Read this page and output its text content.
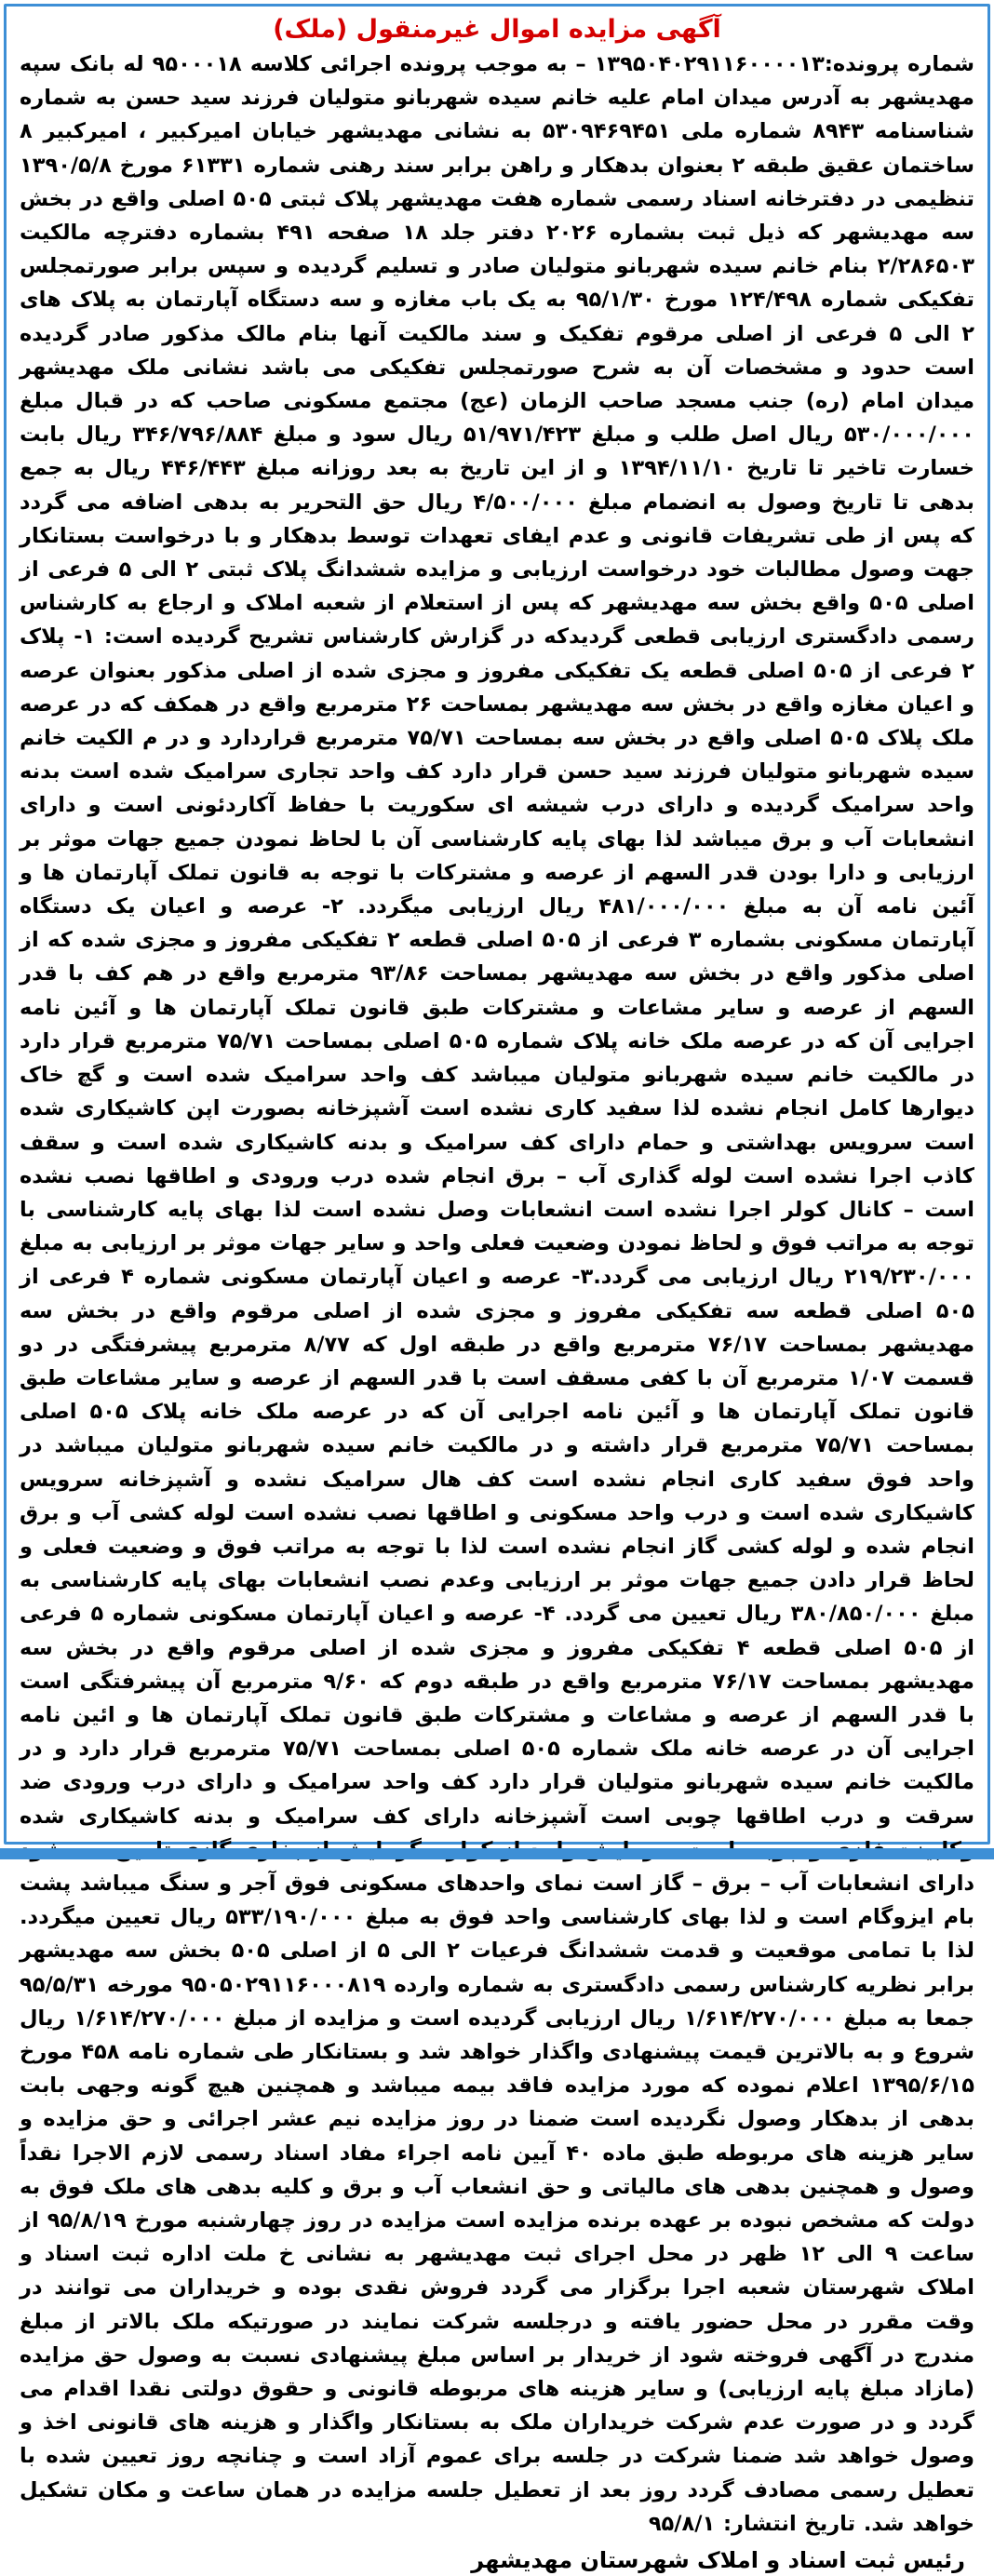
آگهی مزایده اموال غیرمنقول (ملک)

شماره پرونده:۱۳۹۵۰۴۰۲۹۱۱۶۰۰۰۰۱۳ – به موجب پرونده اجرائی کلاسه ۹۵۰۰۰۱۸ له بانک سپه مهدیشهر به آدرس میدان امام علیه خانم سیده شهربانو متولیان فرزند سید حسن به شماره شناسنامه ۸۹۴۳ شماره ملی ۵۳۰۹۴۶۹۴۵۱ به نشانی مهدیشهر خیابان امیرکبیر ، امیرکبیر ۸ ساختمان عقیق طبقه ۲ بعنوان بدهکار و راهن برابر سند رهنی شماره ۶۱۳۳۱ مورخ ۱۳۹۰/۵/۸ تنظیمی در دفترخانه اسناد رسمی شماره هفت مهدیشهر پلاک ثبتی ۵۰۵ اصلی واقع در بخش سه مهدیشهر که ذیل ثبت بشماره ۲۰۲۶ دفتر جلد ۱۸ صفحه ۴۹۱ بشماره دفترچه مالکیت ۲/۲۸۶۵۰۳ بنام خانم سیده شهربانو متولیان صادر و تسلیم گردیده و سپس برابر صورتمجلس تفکیکی شماره ۱۲۴/۴۹۸ مورخ ۹۵/۱/۳۰ به یک باب مغازه و سه دستگاه آپارتمان به پلاک های ۲ الی ۵ فرعی از اصلی مرقوم تفکیک و سند مالکیت آنها بنام مالک مذکور صادر گردیده است حدود و مشخصات آن به شرح صورتمجلس تفکیکی می باشد نشانی ملک مهدیشهر میدان امام (ره) جنب مسجد صاحب الزمان (عج) مجتمع مسکونی صاحب که در قبال مبلغ ۵۳۰/۰۰۰/۰۰۰ ریال اصل طلب و مبلغ ۵۱/۹۷۱/۴۲۳ ریال سود و مبلغ ۳۴۶/۷۹۶/۸۸۴ ریال بابت خسارت تاخیر تا تاریخ ۱۳۹۴/۱۱/۱۰ و از این تاریخ به بعد روزانه مبلغ ۴۴۶/۴۴۳ ریال به جمع بدهی تا تاریخ وصول به انضمام مبلغ ۴/۵۰۰/۰۰۰ ریال حق التحریر به بدهی اضافه می گردد که پس از طی تشریفات قانونی و عدم ایفای تعهدات توسط بدهکار و با درخواست بستانکار جهت وصول مطالبات خود درخواست ارزیابی و مزایده ششدانگ پلاک ثبتی ۲ الی ۵ فرعی از اصلی ۵۰۵ واقع بخش سه مهدیشهر که پس از استعلام از شعبه املاک و ارجاع به کارشناس رسمی دادگستری ارزیابی قطعی گردیدکه در گزارش کارشناس تشریح گردیده است: ۱- پلاک ۲ فرعی از ۵۰۵ اصلی قطعه یک تفکیکی مفروز و مجزی شده از اصلی مذکور بعنوان عرصه و اعیان مغازه واقع در بخش سه مهدیشهر بمساحت ۲۶ مترمربع واقع در همکف که در عرصه ملک پلاک ۵۰۵ اصلی واقع در بخش سه بمساحت ۷۵/۷۱ مترمربع قراردارد و در م الکیت خانم سیده شهربانو متولیان فرزند سید حسن قرار دارد کف واحد تجاری سرامیک شده است بدنه واحد سرامیک گردیده و دارای درب شیشه ای سکوریت با حفاظ آکاردئونی است و دارای انشعابات آب و برق میباشد لذا بهای پایه کارشناسی آن با لحاظ نمودن جمیع جهات موثر بر ارزیابی و دارا بودن قدر السهم از عرصه و مشترکات با توجه به قانون تملک آپارتمان ها و آئین نامه آن به مبلغ ۴۸۱/۰۰۰/۰۰۰ ریال ارزیابی میگردد. ۲- عرصه و اعیان یک دستگاه آپارتمان مسکونی بشماره ۳ فرعی از ۵۰۵ اصلی قطعه ۲ تفکیکی مفروز و مجزی شده که از اصلی مذکور واقع در بخش سه مهدیشهر بمساحت ۹۳/۸۶ مترمربع واقع در هم کف با قدر السهم از عرصه و سایر مشاعات و مشترکات طبق قانون تملک آپارتمان ها و آئین نامه اجرایی آن که در عرصه ملک خانه پلاک شماره ۵۰۵ اصلی بمساحت ۷۵/۷۱ مترمربع قرار دارد در مالکیت خانم سیده شهربانو متولیان میباشد کف واحد سرامیک شده است و گچ خاک دیوارها کامل انجام نشده لذا سفید کاری نشده است آشپزخانه بصورت اپن کاشیکاری شده است سرویس بهداشتی و حمام دارای کف سرامیک و بدنه کاشیکاری شده است و سقف کاذب اجرا نشده است لوله گذاری آب – برق انجام شده درب ورودی و اطاقها نصب نشده است – کانال کولر اجرا نشده است انشعابات وصل نشده است لذا بهای پایه کارشناسی با توجه به مراتب فوق و لحاظ نمودن وضعیت فعلی واحد و سایر جهات موثر بر ارزیابی به مبلغ ۲۱۹/۲۳۰/۰۰۰ ریال ارزیابی می گردد.۳- عرصه و اعیان آپارتمان مسکونی شماره ۴ فرعی از ۵۰۵ اصلی قطعه سه تفکیکی مفروز و مجزی شده از اصلی مرقوم واقع در بخش سه مهدیشهر بمساحت ۷۶/۱۷ مترمربع واقع در طبقه اول که ۸/۷۷ مترمربع پیشرفتگی در دو قسمت ۱/۰۷ مترمربع آن با کفی مسقف است با قدر السهم از عرصه و سایر مشاعات طبق قانون تملک آپارتمان ها و آئین نامه اجرایی آن که در عرصه ملک خانه پلاک ۵۰۵ اصلی بمساحت ۷۵/۷۱ مترمربع قرار داشته و در مالکیت خانم سیده شهربانو متولیان میباشد در واحد فوق سفید کاری انجام نشده است کف هال سرامیک نشده و آشپزخانه سرویس کاشیکاری شده است و درب واحد مسکونی و اطاقها نصب نشده است لوله کشی آب و برق انجام شده و لوله کشی گاز انجام نشده است لذا با توجه به مراتب فوق و وضعیت فعلی و لحاظ قرار دادن جمیع جهات موثر بر ارزیابی وعدم نصب انشعابات بهای پایه کارشناسی به مبلغ ۳۸۰/۸۵۰/۰۰۰ ریال تعیین می گردد. ۴- عرصه و اعیان آپارتمان مسکونی شماره ۵ فرعی از ۵۰۵ اصلی قطعه ۴ تفکیکی مفروز و مجزی شده از اصلی مرقوم واقع در بخش سه مهدیشهر بمساحت ۷۶/۱۷ مترمربع واقع در طبقه دوم که ۹/۶۰ مترمربع آن پیشرفتگی است با قدر السهم از عرصه و مشاعات و مشترکات طبق قانون تملک آپارتمان ها و ائین نامه اجرایی آن در عرصه خانه ملک شماره ۵۰۵ اصلی بمساحت ۷۵/۷۱ مترمربع قرار دارد و در مالکیت خانم سیده شهربانو متولیان قرار دارد کف واحد سرامیک و دارای درب ورودی ضد سرقت و درب اطاقها چوبی است آشپزخانه دارای کف سرامیک و بدنه کاشیکاری شده دارای انشعابات آب – برق – گاز است نمای واحدهای مسکونی فوق آجر و سنگ میباشد پشت بام ایزوگام است و لذا بهای کارشناسی واحد فوق به مبلغ ۵۳۳/۱۹۰/۰۰۰ ریال تعیین میگردد. لذا با تمامی موقعیت و قدمت ششدانگ فرعیات ۲ الی ۵ از اصلی ۵۰۵ بخش سه مهدیشهر برابر نظریه کارشناس رسمی دادگستری به شماره وارده ۹۵۰۵۰۲۹۱۱۶۰۰۰۸۱۹ مورخه ۹۵/۵/۳۱ جمعا به مبلغ ۱/۶۱۴/۲۷۰/۰۰۰ ریال ارزیابی گردیده است و مزایده از مبلغ ۱/۶۱۴/۲۷۰/۰۰۰ ریال شروع و به بالاترین قیمت پیشنهادی واگذار خواهد شد و بستانکار طی شماره نامه ۴۵۸ مورخ ۱۳۹۵/۶/۱۵ اعلام نموده که مورد مزایده فاقد بیمه میباشد و همچنین هیچ گونه وجهی بابت بدهی از بدهکار وصول نگردیده است ضمنا در روز مزایده نیم عشر اجرائی و حق مزایده و سایر هزینه های مربوطه طبق ماده ۴۰ آیین نامه اجراء مفاد اسناد رسمی لازم الاجرا نقداً وصول و همچنین بدهی های مالیاتی و حق انشعاب آب و برق و کلیه بدهی های ملک فوق به دولت که مشخص نبوده بر عهده برنده مزایده است مزایده در روز چهارشنبه مورخ ۹۵/۸/۱۹ از ساعت ۹ الی ۱۲ ظهر در محل اجرای ثبت مهدیشهر به نشانی خ ملت اداره ثبت اسناد و املاک شهرستان شعبه اجرا برگزار می گردد فروش نقدی بوده و خریداران می توانند در وقت مقرر در محل حضور یافته و درجلسه شرکت نمایند در صورتیکه ملک بالاتر از مبلغ مندرج در آگهی فروخته شود از خریدار بر اساس مبلغ پیشنهادی نسبت به وصول حق مزایده (مازاد مبلغ پایه ارزیابی) و سایر هزینه های مربوطه قانونی و حقوق دولتی نقدا اقدام می گردد و در صورت عدم شرکت خریداران ملک به بستانکار واگذار و هزینه های قانونی اخذ و وصول خواهد شد ضمنا شرکت در جلسه برای عموم آزاد است و چنانچه روز تعیین شده با تعطیل رسمی مصادف گردد روز بعد از تعطیل جلسه مزایده در همان ساعت و مکان تشکیل خواهد شد. تاریخ انتشار: ۹۵/۸/۱

رئیس ثبت اسناد و املاک شهرستان مهدیشهر
